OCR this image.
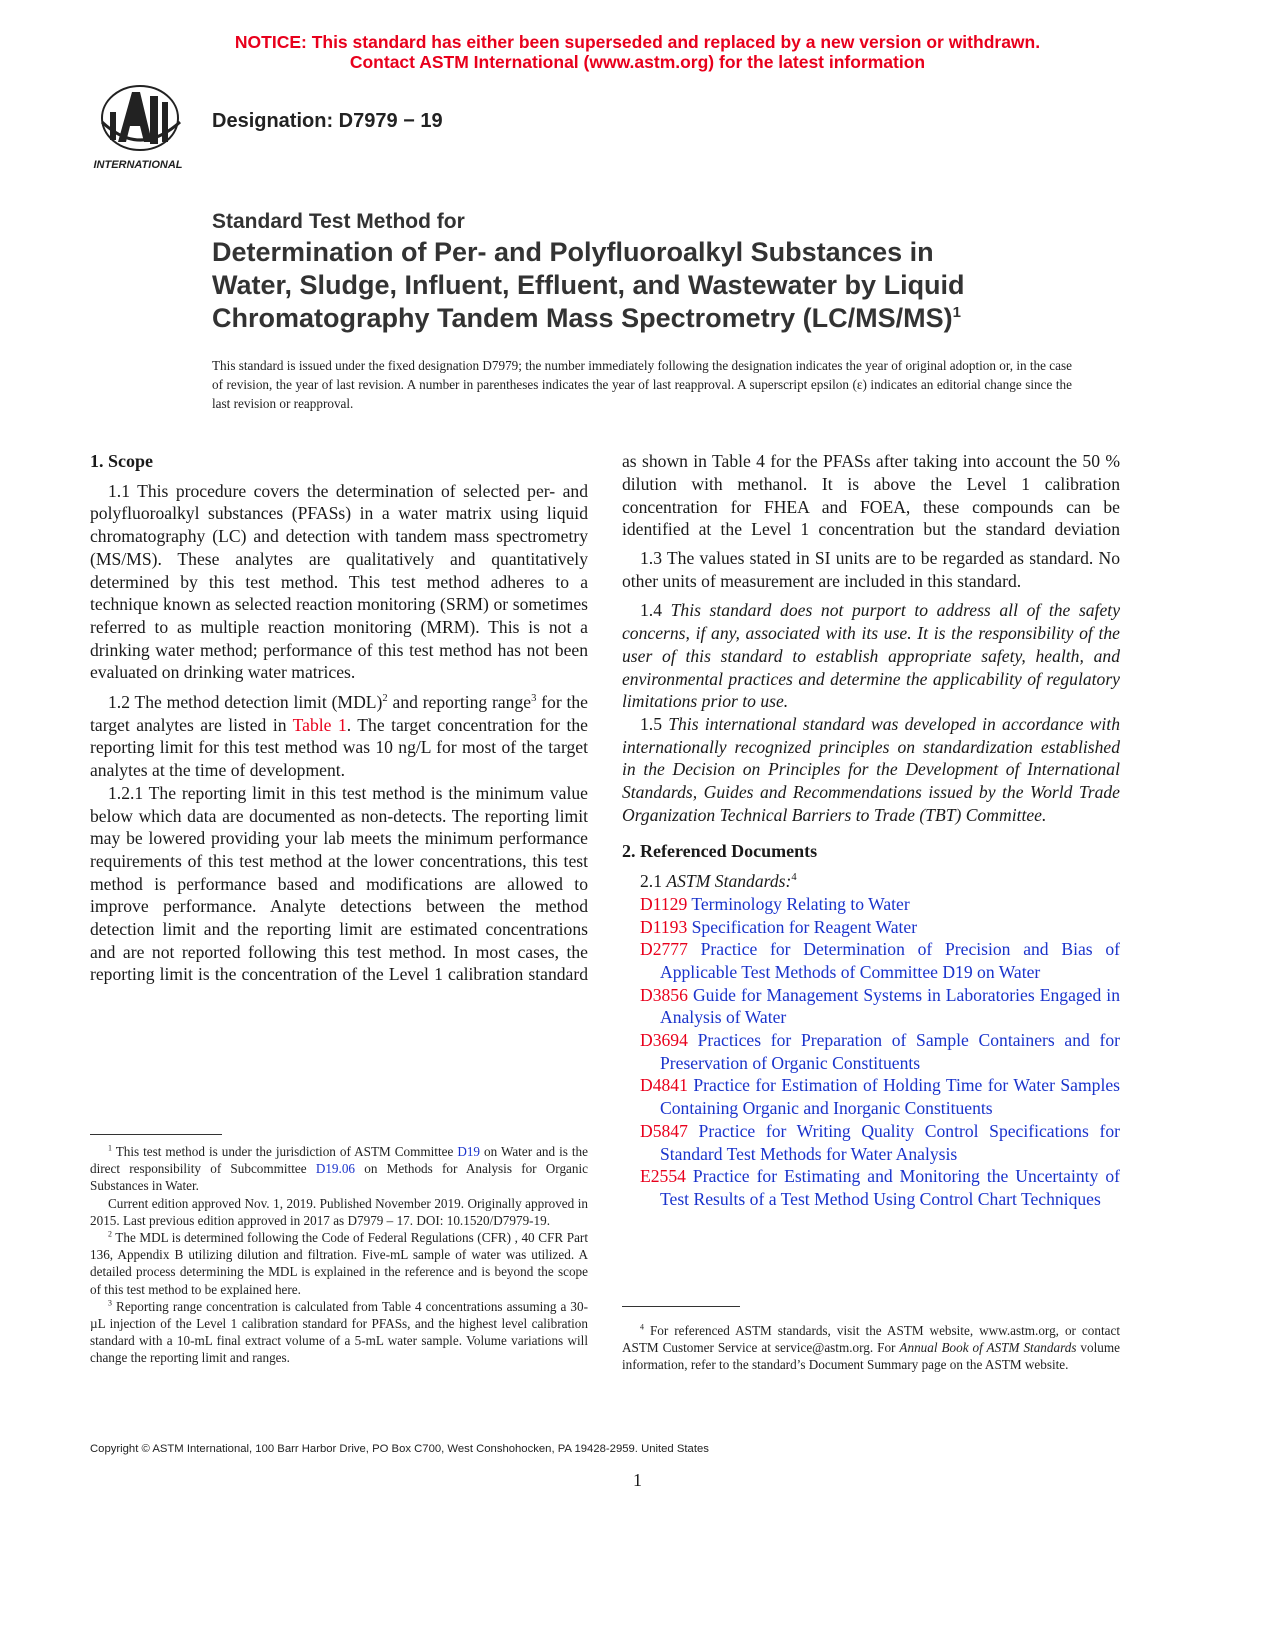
NOTICE: This standard has either been superseded and replaced by a new version or withdrawn.
Contact ASTM International (www.astm.org) for the latest information
INTERNATIONAL
Designation: D7979 − 19
Standard Test Method for
Determination of Per- and Polyfluoroalkyl Substances in
Water, Sludge, Influent, Effluent, and Wastewater by Liquid
Chromatography Tandem Mass Spectrometry $(LC/MS/MS)^1$
This standard is issued under the fixed designation D7979; the number immediately following the designation indicates the year of original adoption or, in the case of revision, the year of last revision. A number in parentheses indicates the year of last reapproval. A superscript epsilon (ε) indicates an editorial change since the last revision or reapproval.

1. Scope

1.1 This procedure covers the determination of selected per- and polyfluoroalkyl substances (PFASs) in a water matrix using liquid chromatography (LC) and detection with tandem mass spectrometry (MS/MS). These analytes are qualitatively and quantitatively determined by this test method. This test method adheres to a technique known as selected reaction monitoring (SRM) or sometimes referred to as multiple reaction monitoring (MRM). This is not a drinking water method; performance of this test method has not been evaluated on drinking water matrices.

1.2 The method detection limit (MDL)$^2$ and reporting range$^3$ for the target analytes are listed in Table 1. The target concentration for the reporting limit for this test method was 10 ng/L for most of the target analytes at the time of development.

1.2.1 The reporting limit in this test method is the minimum value below which data are documented as non-detects. The reporting limit may be lowered providing your lab meets the minimum performance requirements of this test method at the lower concentrations, this test method is performance based and modifications are allowed to improve performance. Analyte detections between the method detection limit and the reporting limit are estimated concentrations and are not reported following this test method. In most cases, the reporting limit is the concentration of the Level 1 calibration standard

$^1$ This test method is under the jurisdiction of ASTM Committee D19 on Water and is the direct responsibility of Subcommittee D19.06 on Methods for Analysis for Organic Substances in Water.

Current edition approved Nov. 1, 2019. Published November 2019. Originally approved in 2015. Last previous edition approved in 2017 as D7979 – 17. DOI: 10.1520/D7979-19.

$^2$ The MDL is determined following the Code of Federal Regulations (CFR) , 40 CFR Part 136, Appendix B utilizing dilution and filtration. Five-mL sample of water was utilized. A detailed process determining the MDL is explained in the reference and is beyond the scope of this test method to be explained here.

$^3$ Reporting range concentration is calculated from Table 4 concentrations assuming a 30-µL injection of the Level 1 calibration standard for PFASs, and the highest level calibration standard with a 10-mL final extract volume of a 5-mL water sample. Volume variations will change the reporting limit and ranges.

as shown in Table 4 for the PFASs after taking into account the 50 % dilution with methanol. It is above the Level 1 calibration concentration for FHEA and FOEA, these compounds can be identified at the Level 1 concentration but the standard deviation

1.3 The values stated in SI units are to be regarded as standard. No other units of measurement are included in this standard.

1.4 This standard does not purport to address all of the safety concerns, if any, associated with its use. It is the responsibility of the user of this standard to establish appropriate safety, health, and environmental practices and determine the applicability of regulatory limitations prior to use.

1.5 This international standard was developed in accordance with internationally recognized principles on standardization established in the Decision on Principles for the Development of International Standards, Guides and Recommendations issued by the World Trade Organization Technical Barriers to Trade (TBT) Committee.

2. Referenced Documents

2.1 ASTM Standards:$^4$

D1129 Terminology Relating to Water

D1193 Specification for Reagent Water

D2777 Practice for Determination of Precision and Bias of Applicable Test Methods of Committee D19 on Water

D3856 Guide for Management Systems in Laboratories Engaged in Analysis of Water

D3694 Practices for Preparation of Sample Containers and for Preservation of Organic Constituents

D4841 Practice for Estimation of Holding Time for Water Samples Containing Organic and Inorganic Constituents

D5847 Practice for Writing Quality Control Specifications for Standard Test Methods for Water Analysis

E2554 Practice for Estimating and Monitoring the Uncertainty of Test Results of a Test Method Using Control Chart Techniques

$^4$ For referenced ASTM standards, visit the ASTM website, www.astm.org, or contact ASTM Customer Service at service@astm.org. For Annual Book of ASTM Standards volume information, refer to the standard’s Document Summary page on the ASTM website.

Copyright © ASTM International, 100 Barr Harbor Drive, PO Box C700, West Conshohocken, PA 19428-2959. United States
1
